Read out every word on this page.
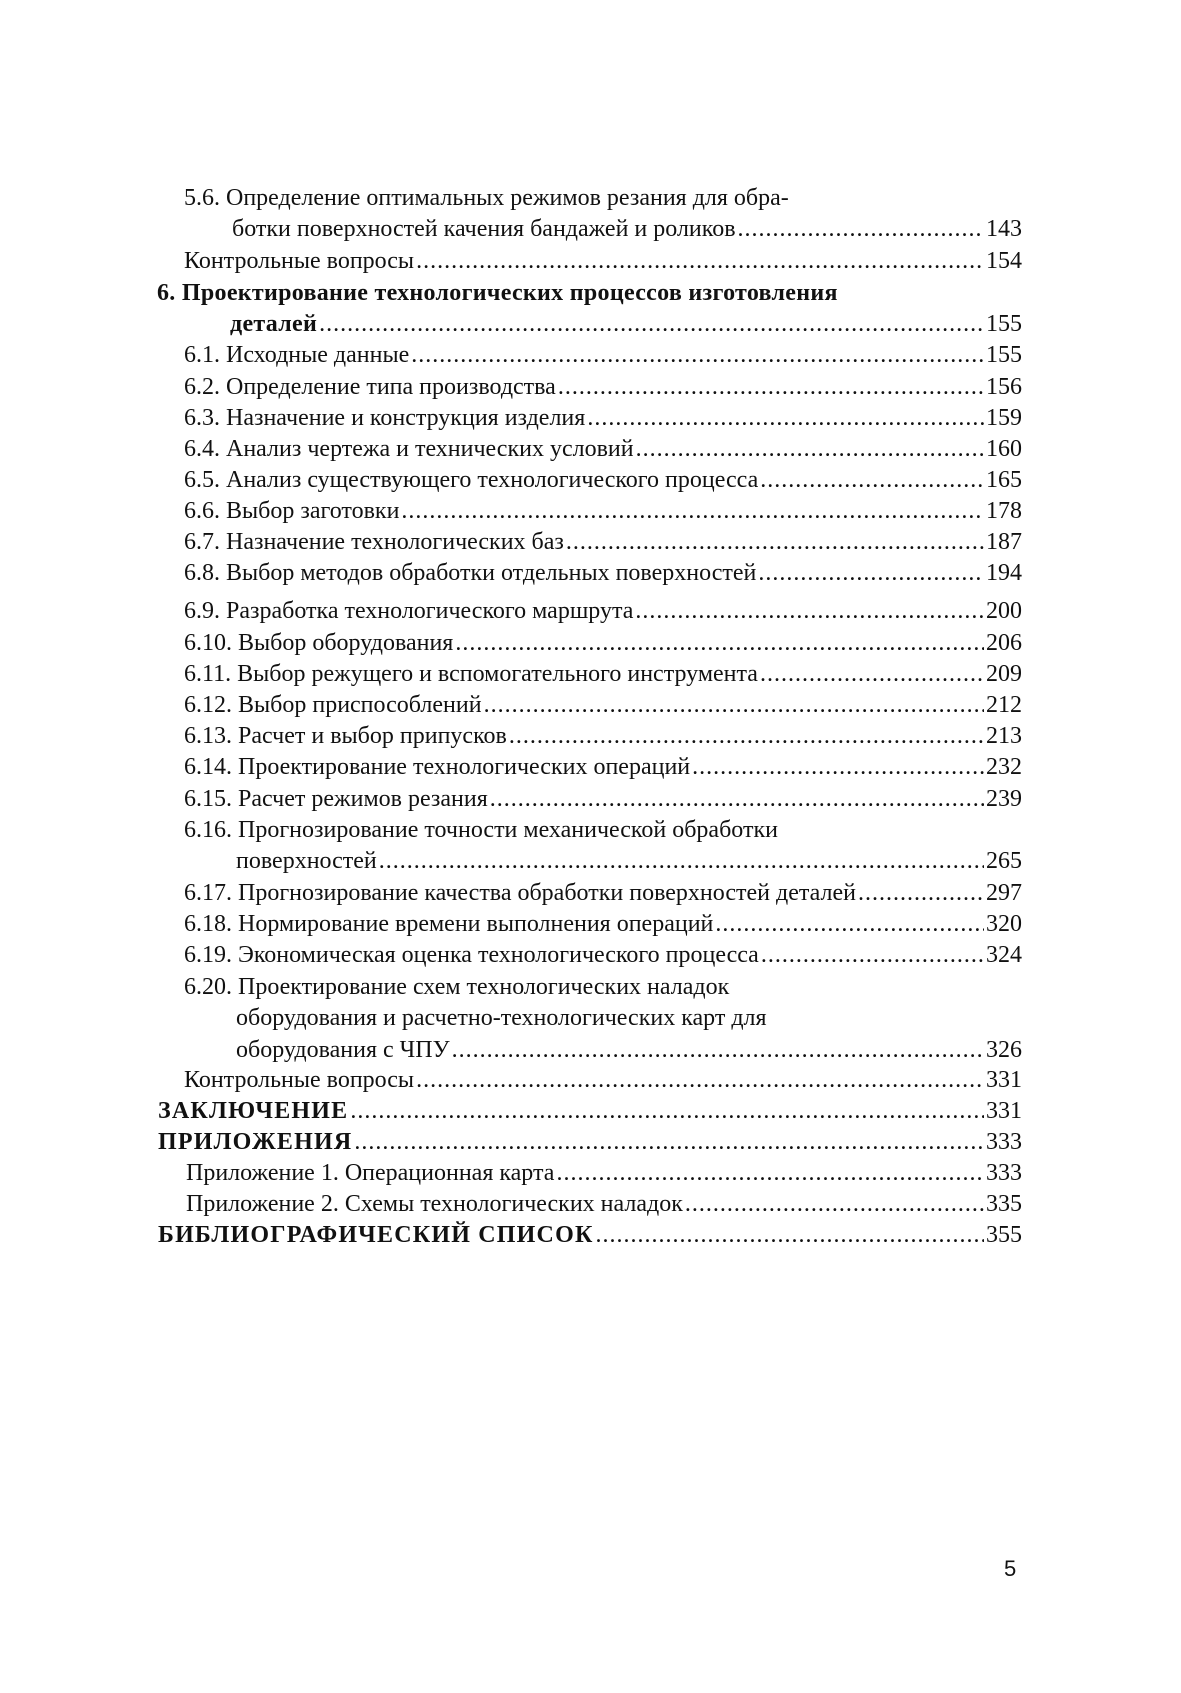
5.6. Определение оптимальных режимов резания для обра-
ботки поверхностей качения бандажей и роликов .....	143
Контрольные вопросы .....	154
6. Проектирование технологических процессов изготовления
деталей .....	155
6.1. Исходные данные .....	155
6.2. Определение типа производства .....	156
6.3. Назначение и конструкция изделия .....	159
6.4. Анализ чертежа и технических условий .....	160
6.5. Анализ существующего технологического процесса .....	165
6.6. Выбор заготовки .....	178
6.7. Назначение технологических баз .....	187
6.8. Выбор методов обработки отдельных поверхностей .....	194
6.9. Разработка технологического маршрута .....	200
6.10. Выбор оборудования .....	206
6.11. Выбор режущего и вспомогательного инструмента .....	209
6.12. Выбор приспособлений .....	212
6.13. Расчет и выбор припусков .....	213
6.14. Проектирование технологических операций .....	232
6.15. Расчет режимов резания .....	239
6.16. Прогнозирование точности механической обработки
поверхностей .....	265
6.17. Прогнозирование качества обработки поверхностей деталей .....	297
6.18. Нормирование времени выполнения операций .....	320
6.19. Экономическая оценка технологического процесса .....	324
6.20. Проектирование схем технологических наладок
оборудования и расчетно-технологических карт для
оборудования с ЧПУ .....	326
Контрольные вопросы .....	331
ЗАКЛЮЧЕНИЕ .....	331
ПРИЛОЖЕНИЯ .....	333
Приложение 1. Операционная карта .....	333
Приложение 2. Схемы технологических наладок .....	335
БИБЛИОГРАФИЧЕСКИЙ СПИСОК .....	355
5
